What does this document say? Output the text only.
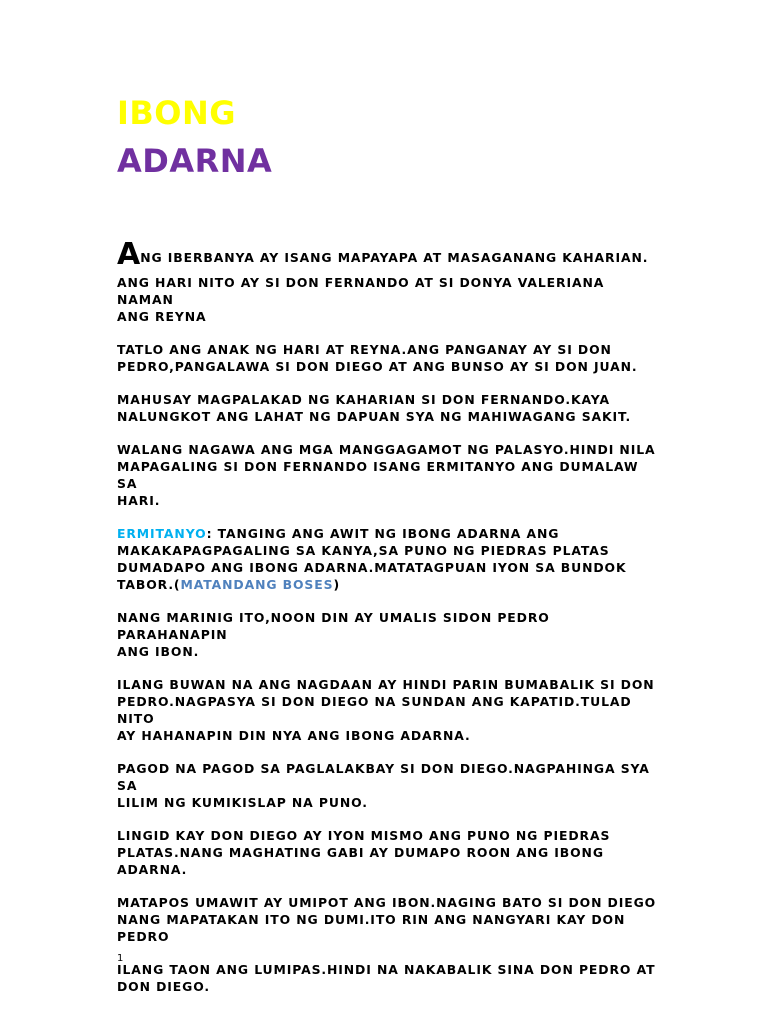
IBONG
ADARNA

ANG IBERBANYA AY ISANG MAPAYAPA AT MASAGANANG KAHARIAN.

ANG HARI NITO AY SI DON FERNANDO AT SI DONYA VALERIANA NAMAN
ANG REYNA

TATLO ANG ANAK NG HARI AT REYNA.ANG PANGANAY AY SI DON
PEDRO,PANGALAWA SI DON DIEGO AT ANG BUNSO AY SI DON JUAN.

MAHUSAY MAGPALAKAD NG KAHARIAN SI DON FERNANDO.KAYA
NALUNGKOT ANG LAHAT NG DAPUAN SYA NG MAHIWAGANG SAKIT.

WALANG NAGAWA ANG MGA MANGGAGAMOT NG PALASYO.HINDI NILA
MAPAGALING SI DON FERNANDO ISANG ERMITANYO ANG DUMALAW SA
HARI.

ERMITANYO: TANGING ANG AWIT NG IBONG ADARNA ANG
MAKAKAPAGPAGALING SA KANYA,SA PUNO NG PIEDRAS PLATAS
DUMADAPO ANG IBONG ADARNA.MATATAGPUAN IYON SA BUNDOK
TABOR.(MATANDANG BOSES)

NANG MARINIG ITO,NOON DIN AY UMALIS SIDON PEDRO PARAHANAPIN
ANG IBON.

ILANG BUWAN NA ANG NAGDAAN AY HINDI PARIN BUMABALIK SI DON
PEDRO.NAGPASYA SI DON DIEGO NA SUNDAN ANG KAPATID.TULAD NITO
AY HAHANAPIN DIN NYA ANG IBONG ADARNA.

PAGOD NA PAGOD SA PAGLALAKBAY SI DON DIEGO.NAGPAHINGA SYA SA
LILIM NG KUMIKISLAP NA PUNO.

LINGID KAY DON DIEGO AY IYON MISMO ANG PUNO NG PIEDRAS
PLATAS.NANG MAGHATING GABI AY DUMAPO ROON ANG IBONG ADARNA.

MATAPOS UMAWIT AY UMIPOT ANG IBON.NAGING BATO SI DON DIEGO
NANG MAPATAKAN ITO NG DUMI.ITO RIN ANG NANGYARI KAY DON
PEDRO

ILANG TAON ANG LUMIPAS.HINDI NA NAKABALIK SINA DON PEDRO AT
DON DIEGO.

1
